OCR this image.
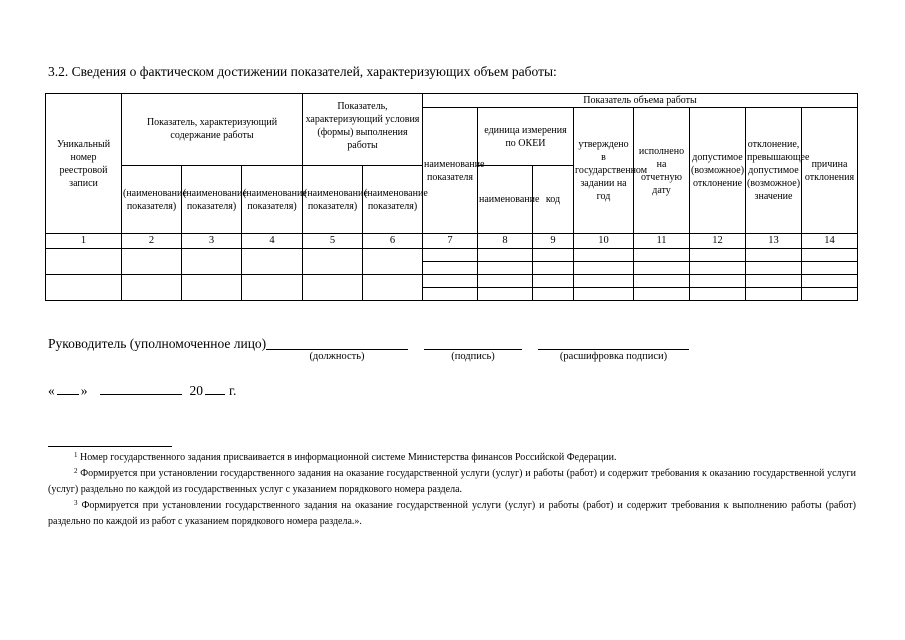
3.2. Сведения о фактическом достижении показателей, характеризующих объем работы:
Уникальный номер реестровой записи	Показатель, характеризующий содержание работы			Показатель, характеризующий условия (формы) выполнения работы		Показатель объема работы							
						наименование показателя	единица измерения по ОКЕИ		утверждено в государственном задании на год	исполнено на отчетную дату	допустимое (возможное) отклонение	отклонение, превышающее допустимое (возможное) значение	причина отклонения
	(наименование показателя)	(наименование показателя)	(наименование показателя)	(наименование показателя)	(наименование показателя)		наименование	код					
1	2	3	4	5	6	7	8	9	10	11	12	13	14

Руководитель (уполномоченное лицо)
(должность)	(подпись)	(расшифровка подписи)
« »	20 г.
$^1$ Номер государственного задания присваивается в информационной системе Министерства финансов Российской Федерации.
$^2$ Формируется при установлении государственного задания на оказание государственной услуги (услуг) и работы (работ) и содержит требования к оказанию государственной услуги (услуг) раздельно по каждой из государственных услуг с указанием порядкового номера раздела.
$^3$ Формируется при установлении государственного задания на оказание государственной услуги (услуг) и работы (работ) и содержит требования к выполнению работы (работ) раздельно по каждой из работ с указанием порядкового номера раздела.».
